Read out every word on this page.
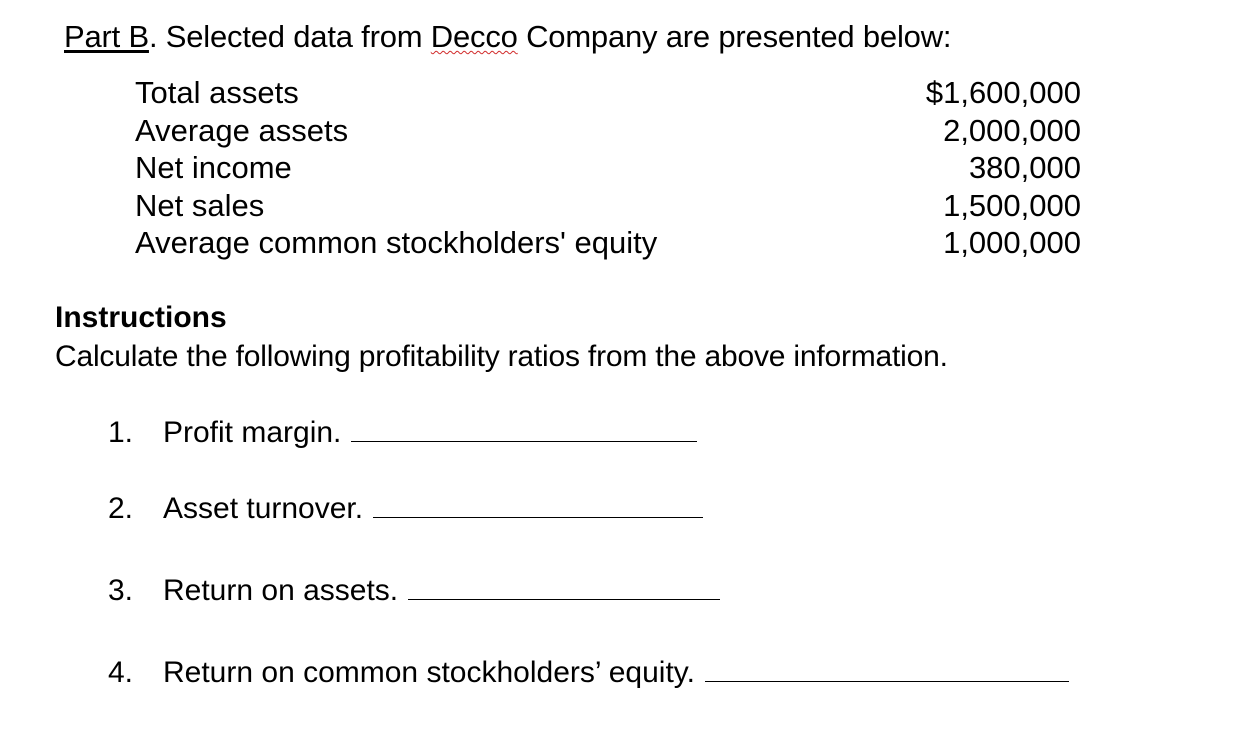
Part B. Selected data from Decco Company are presented below:
Total assets	$1,600,000
Average assets	2,000,000
Net income	380,000
Net sales	1,500,000
Average common stockholders' equity	1,000,000
Instructions
Calculate the following profitability ratios from the above information.
1. Profit margin.
2. Asset turnover.
3. Return on assets.
4. Return on common stockholders’ equity.
